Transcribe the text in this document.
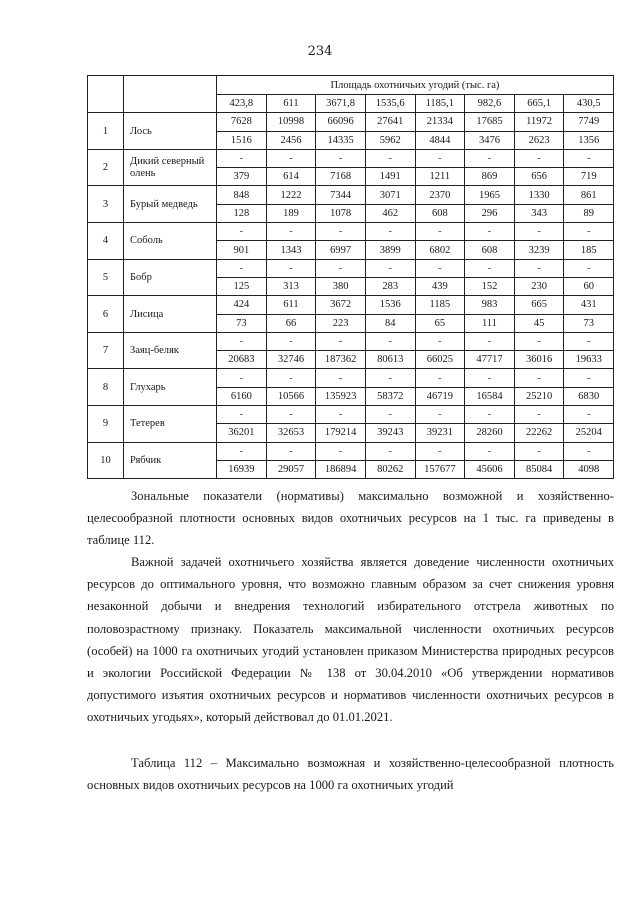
234
		Площадь охотничьих угодий (тыс. га)							
		423,8	611	3671,8	1535,6	1185,1	982,6	665,1	430,5
1	Лось	7628	10998	66096	27641	21334	17685	11972	7749
		1516	2456	14335	5962	4844	3476	2623	1356
2	Дикий северный олень	-	-	-	-	-	-	-	-
		379	614	7168	1491	1211	869	656	719
3	Бурый медведь	848	1222	7344	3071	2370	1965	1330	861
		128	189	1078	462	608	296	343	89
4	Соболь	-	-	-	-	-	-	-	-
		901	1343	6997	3899	6802	608	3239	185
5	Бобр	-	-	-	-	-	-	-	-
		125	313	380	283	439	152	230	60
6	Лисица	424	611	3672	1536	1185	983	665	431
		73	66	223	84	65	111	45	73
7	Заяц-беляк	-	-	-	-	-	-	-	-
		20683	32746	187362	80613	66025	47717	36016	19633
8	Глухарь	-	-	-	-	-	-	-	-
		6160	10566	135923	58372	46719	16584	25210	6830
9	Тетерев	-	-	-	-	-	-	-	-
		36201	32653	179214	39243	39231	28260	22262	25204
10	Рябчик	-	-	-	-	-	-	-	-
		16939	29057	186894	80262	157677	45606	85084	4098

Зональные показатели (нормативы) максимально возможной и хозяйственно-целесообразной плотности основных видов охотничьих ресурсов на 1 тыс. га приведены в таблице 112.

Важной задачей охотничьего хозяйства является доведение численности охотничьих ресурсов до оптимального уровня, что возможно главным образом за счет снижения уровня незаконной добычи и внедрения технологий избирательного отстрела животных по половозрастному признаку. Показатель максимальной численности охотничьих ресурсов (особей) на 1000 га охотничьих угодий установлен приказом Министерства природных ресурсов и экологии Российской Федерации № 138 от 30.04.2010 «Об утверждении нормативов допустимого изъятия охотничьих ресурсов и нормативов численности охотничьих ресурсов в охотничьих угодьях», который действовал до 01.01.2021.

Таблица 112 – Максимально возможная и хозяйственно-целесообразной плотность основных видов охотничьих ресурсов на 1000 га охотничьих угодий
